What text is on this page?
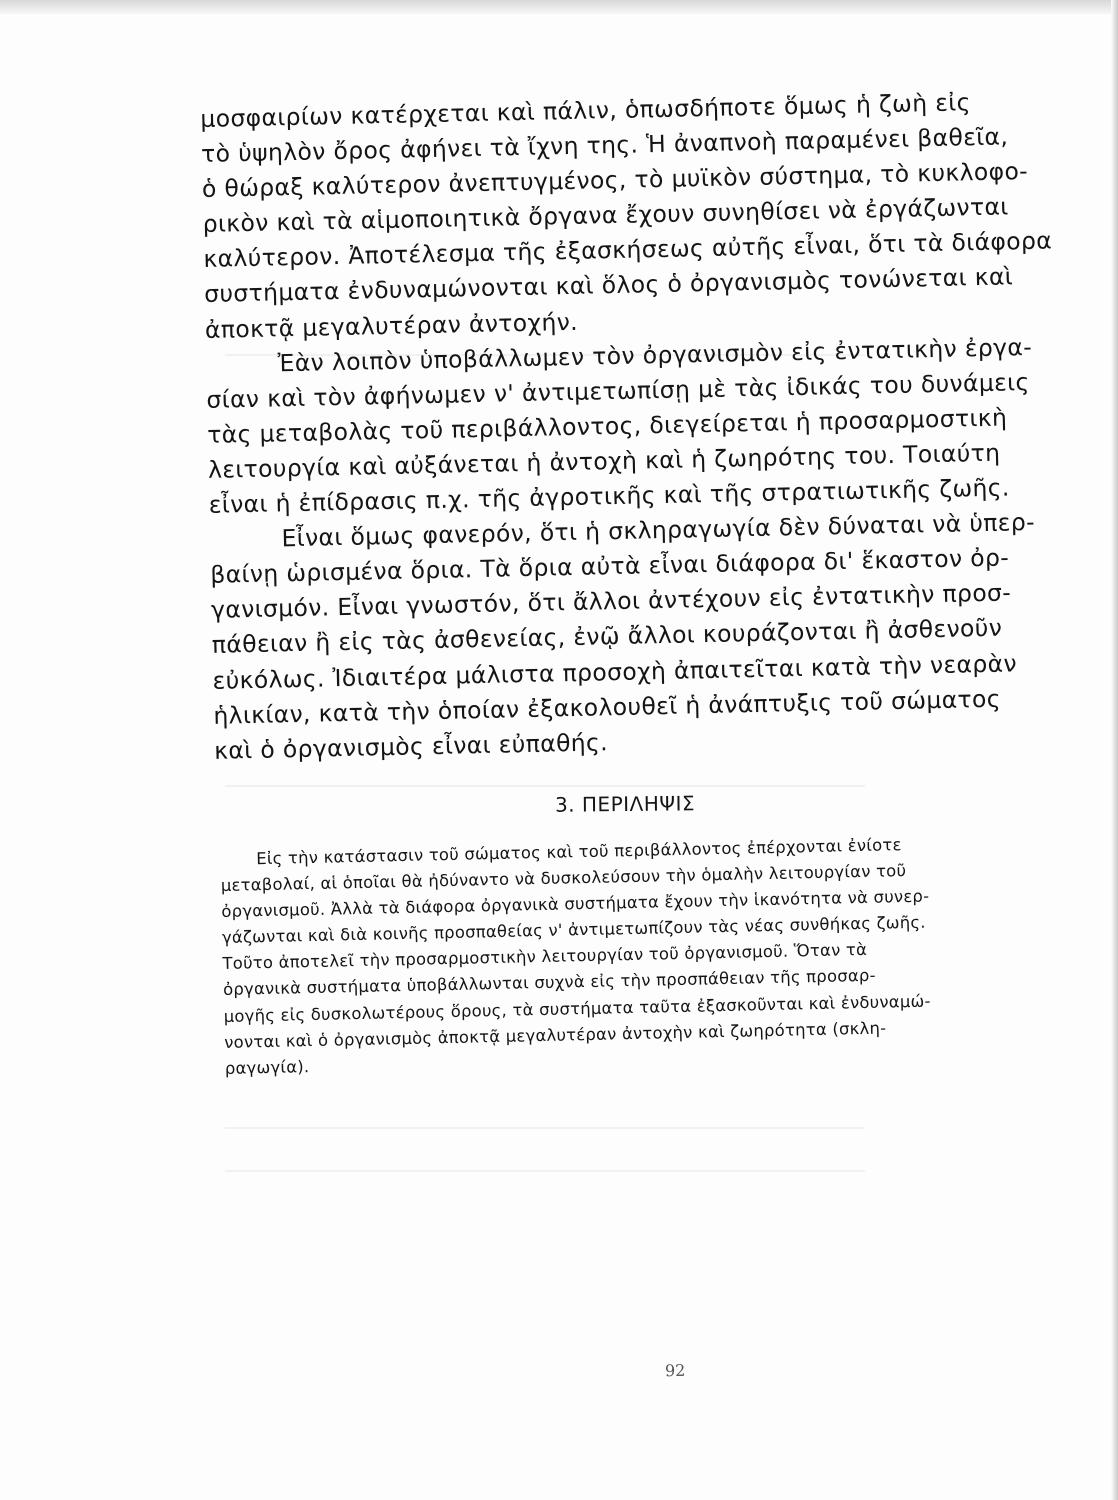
μοσφαιρίων κατέρχεται καὶ πάλιν, ὁπωσδήποτε ὅμως ἡ ζωὴ εἰς
τὸ ὑψηλὸν ὄρος ἀφήνει τὰ ἴχνη της. Ἡ ἀναπνοὴ παραμένει βαθεῖα,
ὁ θώραξ καλύτερον ἀνεπτυγμένος, τὸ μυϊκὸν σύστημα, τὸ κυκλοφο-
ρικὸν καὶ τὰ αἱμοποιητικὰ ὄργανα ἔχουν συνηθίσει νὰ ἐργάζωνται
καλύτερον. Ἀποτέλεσμα τῆς ἐξασκήσεως αὐτῆς εἶναι, ὅτι τὰ διάφορα
συστήματα ἐνδυναμώνονται καὶ ὅλος ὁ ὀργανισμὸς τονώνεται καὶ
ἀποκτᾷ μεγαλυτέραν ἀντοχήν.
Ἐὰν λοιπὸν ὑποβάλλωμεν τὸν ὀργανισμὸν εἰς ἐντατικὴν ἐργα-
σίαν καὶ τὸν ἀφήνωμεν ν' ἀντιμετωπίσῃ μὲ τὰς ἰδικάς του δυνάμεις
τὰς μεταβολὰς τοῦ περιβάλλοντος, διεγείρεται ἡ προσαρμοστικὴ
λειτουργία καὶ αὐξάνεται ἡ ἀντοχὴ καὶ ἡ ζωηρότης του. Τοιαύτη
εἶναι ἡ ἐπίδρασις π.χ. τῆς ἀγροτικῆς καὶ τῆς στρατιωτικῆς ζωῆς.
Εἶναι ὅμως φανερόν, ὅτι ἡ σκληραγωγία δὲν δύναται νὰ ὑπερ-
βαίνῃ ὡρισμένα ὅρια. Τὰ ὅρια αὐτὰ εἶναι διάφορα δι' ἕκαστον ὀρ-
γανισμόν. Εἶναι γνωστόν, ὅτι ἄλλοι ἀντέχουν εἰς ἐντατικὴν προσ-
πάθειαν ἢ εἰς τὰς ἀσθενείας, ἐνῷ ἄλλοι κουράζονται ἢ ἀσθενοῦν
εὐκόλως. Ἰδιαιτέρα μάλιστα προσοχὴ ἀπαιτεῖται κατὰ τὴν νεαρὰν
ἡλικίαν, κατὰ τὴν ὁποίαν ἐξακολουθεῖ ἡ ἀνάπτυξις τοῦ σώματος
καὶ ὁ ὀργανισμὸς εἶναι εὐπαθής.
3. ΠΕΡΙΛΗΨΙΣ
Εἰς τὴν κατάστασιν τοῦ σώματος καὶ τοῦ περιβάλλοντος ἐπέρχονται ἐνίοτε
μεταβολαί, αἱ ὁποῖαι θὰ ἠδύναντο νὰ δυσκολεύσουν τὴν ὁμαλὴν λειτουργίαν τοῦ
ὀργανισμοῦ. Ἀλλὰ τὰ διάφορα ὀργανικὰ συστήματα ἔχουν τὴν ἱκανότητα νὰ συνερ-
γάζωνται καὶ διὰ κοινῆς προσπαθείας ν' ἀντιμετωπίζουν τὰς νέας συνθήκας ζωῆς.
Τοῦτο ἀποτελεῖ τὴν προσαρμοστικὴν λειτουργίαν τοῦ ὀργανισμοῦ. Ὅταν τὰ
ὀργανικὰ συστήματα ὑποβάλλωνται συχνὰ εἰς τὴν προσπάθειαν τῆς προσαρ-
μογῆς εἰς δυσκολωτέρους ὅρους, τὰ συστήματα ταῦτα ἐξασκοῦνται καὶ ἐνδυναμώ-
νονται καὶ ὁ ὀργανισμὸς ἀποκτᾷ μεγαλυτέραν ἀντοχὴν καὶ ζωηρότητα (σκλη-
ραγωγία).
92
